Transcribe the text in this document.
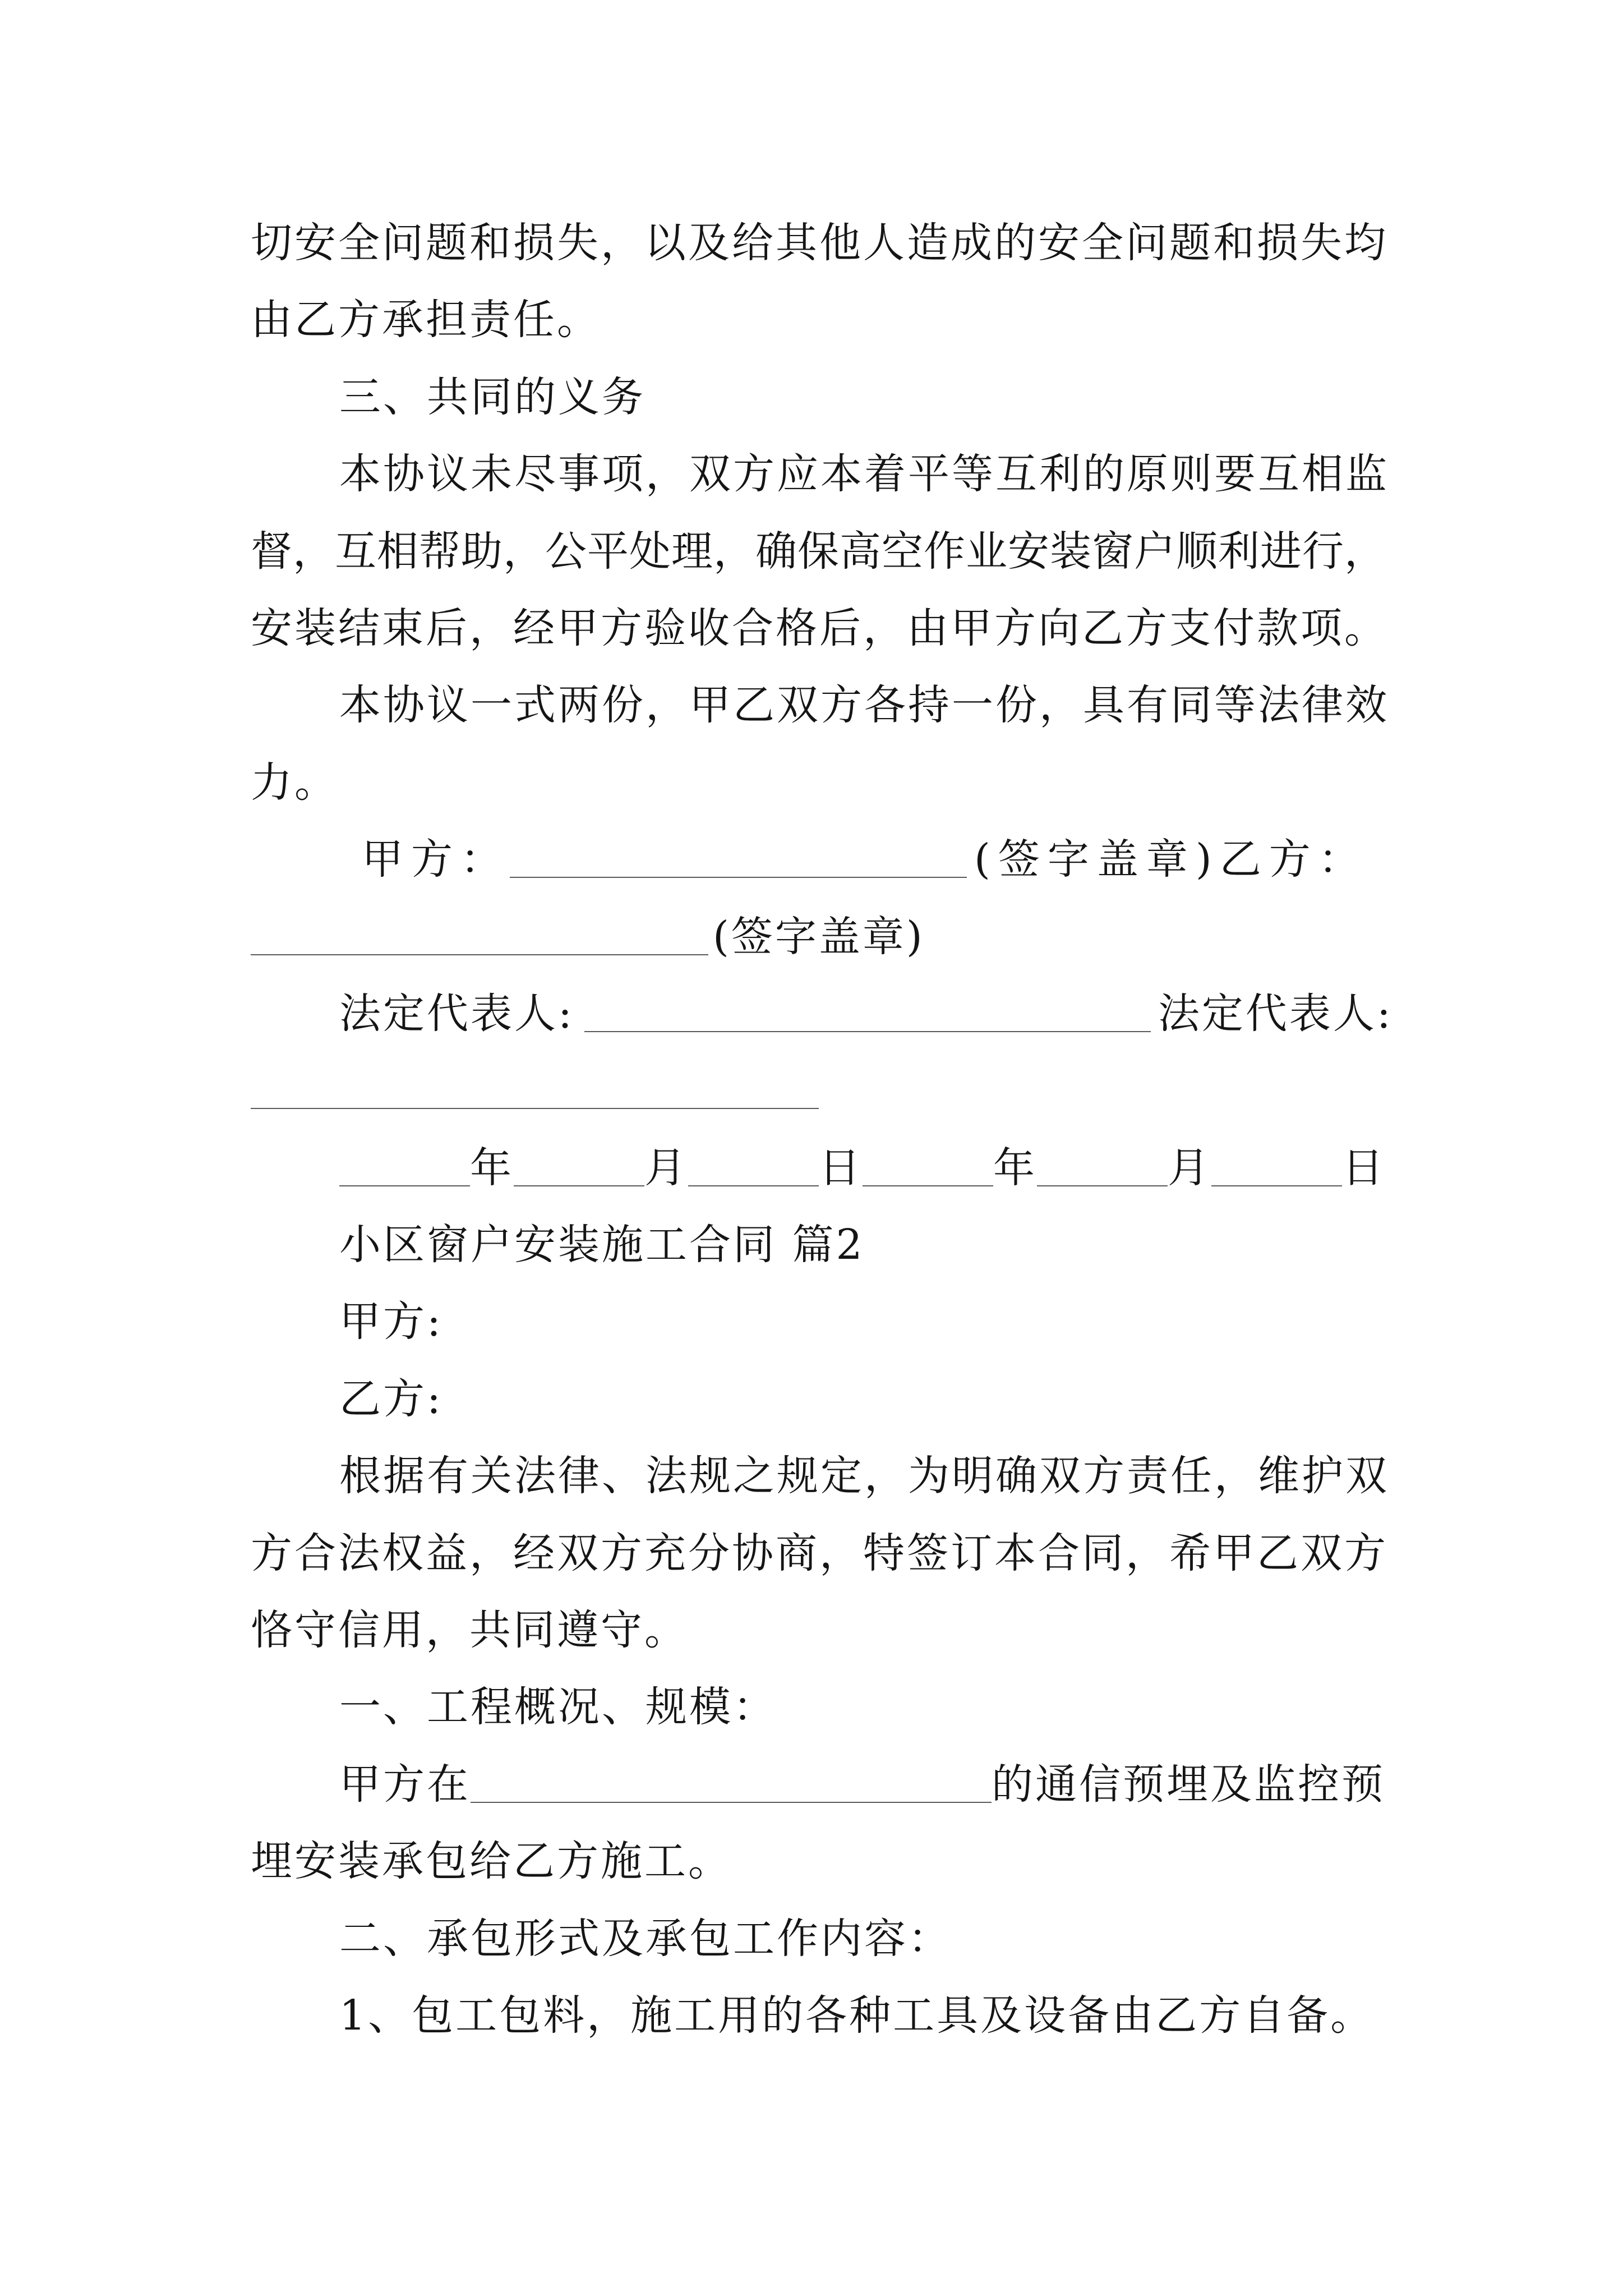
切安全问题和损失，以及给其他人造成的安全问题和损失均
由乙方承担责任。
三、共同的义务
本协议未尽事项，双方应本着平等互利的原则要互相监
督，互相帮助，公平处理，确保高空作业安装窗户顺利进行，
安装结束后，经甲方验收合格后，由甲方向乙方支付款项。
本协议一式两份，甲乙双方各持一份，具有同等法律效
力。
甲方：	(签字盖章)乙方：
(签字盖章)
法定代表人:	法定代表人:
年	月	日	年	月	日
小区窗户安装施工合同 篇2
甲方:
乙方:
根据有关法律、法规之规定，为明确双方责任，维护双
方合法权益，经双方充分协商，特签订本合同，希甲乙双方
恪守信用，共同遵守。
一、工程概况、规模：
甲方在	的通信预埋及监控预
埋安装承包给乙方施工。
二、承包形式及承包工作内容：
1、包工包料，施工用的各种工具及设备由乙方自备。
